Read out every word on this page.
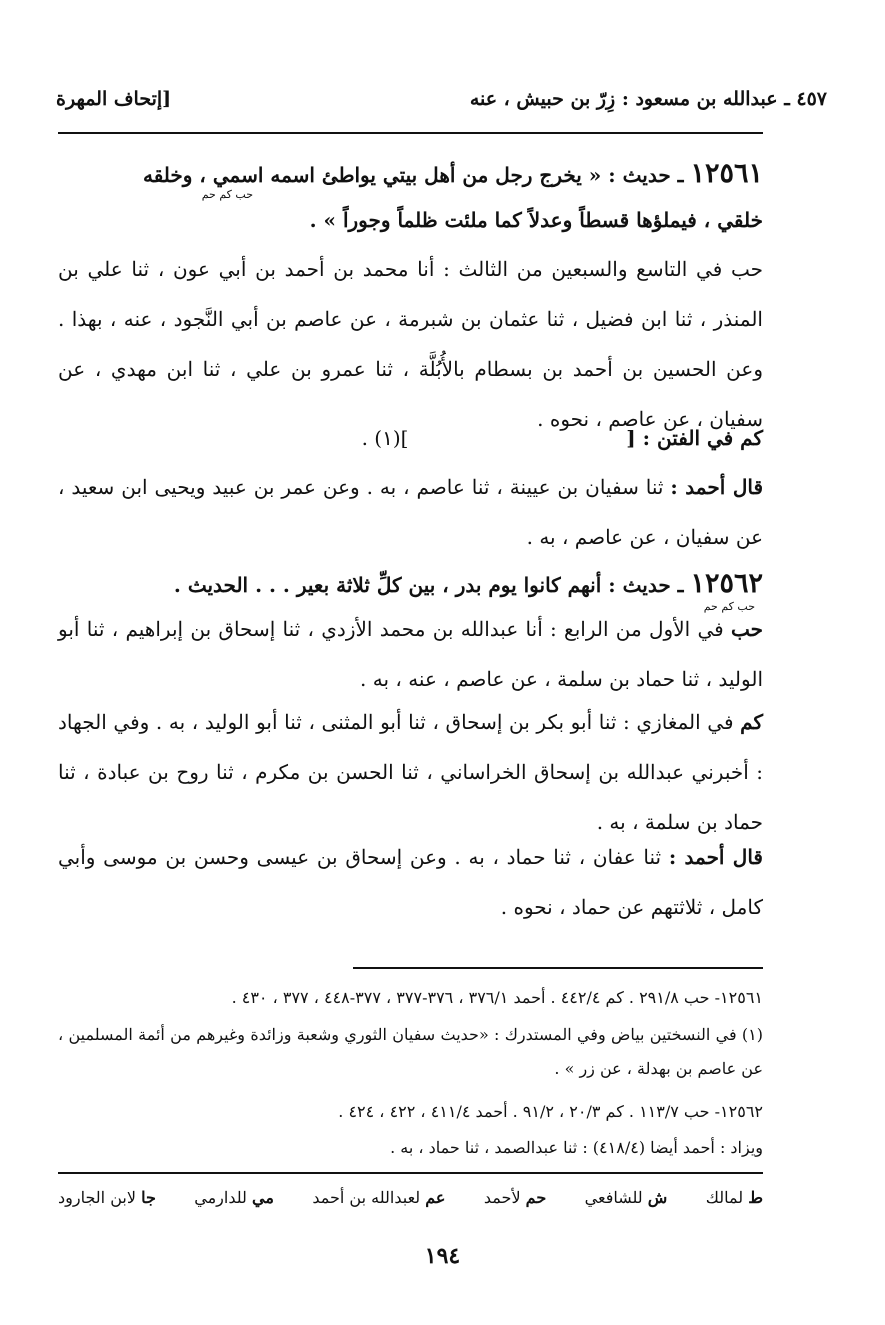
٤٥٧ ـ عبدالله بن مسعود : زِرّ بن حبيش ، عنه
[إتحاف المهرة
١٢٥٦١ ـ حديث : « يخرج رجل من أهل بيتي يواطئ اسمه اسمي ، وخلقه
حب كم حم
خلقي ، فيملؤها قسطاً وعدلاً كما ملئت ظلماً وجوراً » .
حب في التاسع والسبعين من الثالث : أنا محمد بن أحمد بن أبي عون ، ثنا علي بن المنذر ، ثنا ابن فضيل ، ثنا عثمان بن شبرمة ، عن عاصم بن أبي النَّجود ، عنه ، بهذا . وعن الحسين بن أحمد بن بسطام بالأُبُلَّة ، ثنا عمرو بن علي ، ثنا ابن مهدي ، عن سفيان ، عن عاصم ، نحوه .
كم في الفتن : [  ](١) .
قال أحمد : ثنا سفيان بن عيينة ، ثنا عاصم ، به . وعن عمر بن عبيد ويحيى ابن سعيد ، عن سفيان ، عن عاصم ، به .
١٢٥٦٢ ـ حديث : أنهم كانوا يوم بدر ، بين كلِّ ثلاثة بعير . . . الحديث .
حب كم حم
حب في الأول من الرابع : أنا عبدالله بن محمد الأزدي ، ثنا إسحاق بن إبراهيم ، ثنا أبو الوليد ، ثنا حماد بن سلمة ، عن عاصم ، عنه ، به .
كم في المغازي : ثنا أبو بكر بن إسحاق ، ثنا أبو المثنى ، ثنا أبو الوليد ، به . وفي الجهاد : أخبرني عبدالله بن إسحاق الخراساني ، ثنا الحسن بن مكرم ، ثنا روح بن عبادة ، ثنا حماد بن سلمة ، به .
قال أحمد : ثنا عفان ، ثنا حماد ، به . وعن إسحاق بن عيسى وحسن بن موسى وأبي كامل ، ثلاثتهم عن حماد ، نحوه .
١٢٥٦١- حب ٢٩١/٨ . كم ٤٤٢/٤ . أحمد ٣٧٦/١ ، ٣٧٦-٣٧٧ ، ٣٧٧-٤٤٨ ، ٣٧٧ ، ٤٣٠ .
(١) في النسختين بياض وفي المستدرك : «حديث سفيان الثوري وشعبة وزائدة وغيرهم من أئمة المسلمين ، عن عاصم بن بهدلة ، عن زر » .
١٢٥٦٢- حب ١١٣/٧ . كم ٢٠/٣ ، ٩١/٢ . أحمد ٤١١/٤ ، ٤٢٢ ، ٤٢٤ .
ويزاد : أحمد أيضا (٤١٨/٤) : ثنا عبدالصمد ، ثنا حماد ، به .
ط لمالك
ش للشافعي
حم لأحمد
عم لعبدالله بن أحمد
مي للدارمي
جا لابن الجارود
١٩٤
